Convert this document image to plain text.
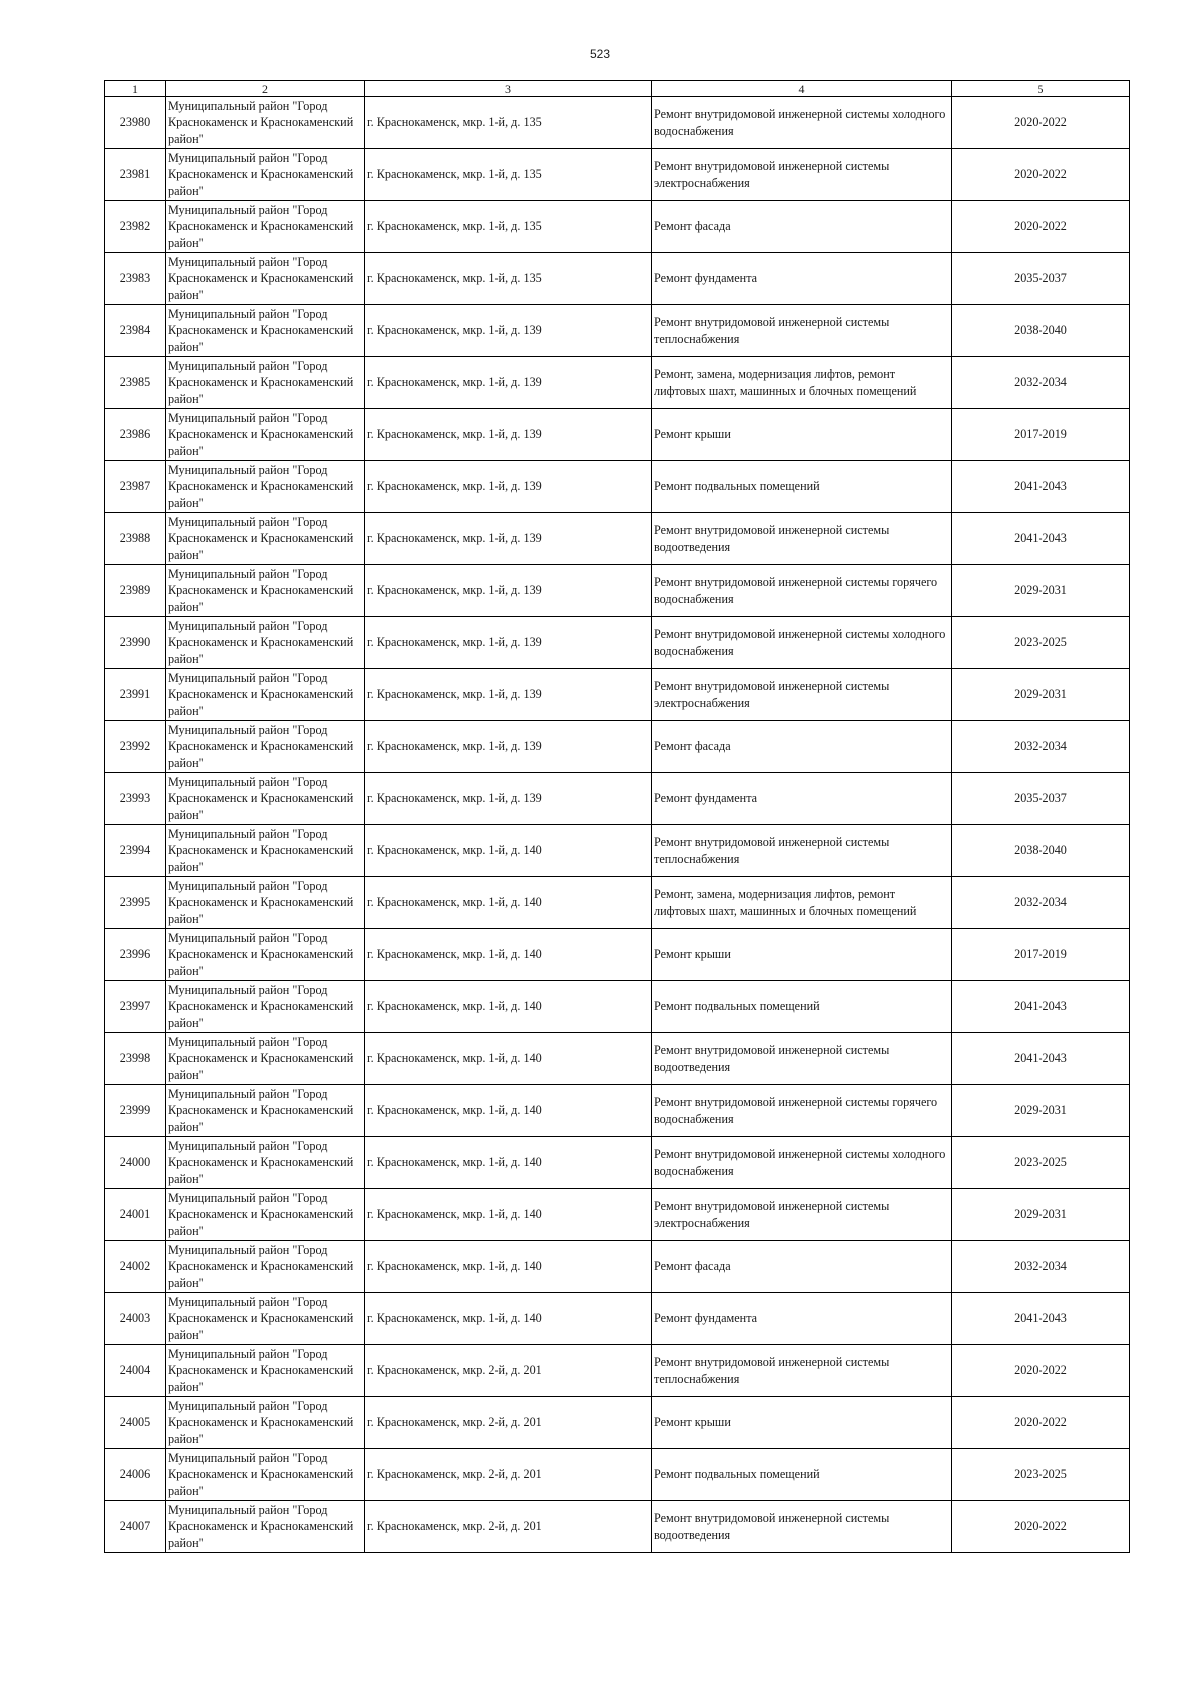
523
1	2	3	4	5
23980	Муниципальный район "Город Краснокаменск и Краснокаменский район"	г. Краснокаменск, мкр. 1-й, д. 135	Ремонт внутридомовой инженерной системы холодного водоснабжения	2020-2022
23981	Муниципальный район "Город Краснокаменск и Краснокаменский район"	г. Краснокаменск, мкр. 1-й, д. 135	Ремонт внутридомовой инженерной системы электроснабжения	2020-2022
23982	Муниципальный район "Город Краснокаменск и Краснокаменский район"	г. Краснокаменск, мкр. 1-й, д. 135	Ремонт фасада	2020-2022
23983	Муниципальный район "Город Краснокаменск и Краснокаменский район"	г. Краснокаменск, мкр. 1-й, д. 135	Ремонт фундамента	2035-2037
23984	Муниципальный район "Город Краснокаменск и Краснокаменский район"	г. Краснокаменск, мкр. 1-й, д. 139	Ремонт внутридомовой инженерной системы теплоснабжения	2038-2040
23985	Муниципальный район "Город Краснокаменск и Краснокаменский район"	г. Краснокаменск, мкр. 1-й, д. 139	Ремонт, замена, модернизация лифтов, ремонт лифтовых шахт, машинных и блочных помещений	2032-2034
23986	Муниципальный район "Город Краснокаменск и Краснокаменский район"	г. Краснокаменск, мкр. 1-й, д. 139	Ремонт крыши	2017-2019
23987	Муниципальный район "Город Краснокаменск и Краснокаменский район"	г. Краснокаменск, мкр. 1-й, д. 139	Ремонт подвальных помещений	2041-2043
23988	Муниципальный район "Город Краснокаменск и Краснокаменский район"	г. Краснокаменск, мкр. 1-й, д. 139	Ремонт внутридомовой инженерной системы водоотведения	2041-2043
23989	Муниципальный район "Город Краснокаменск и Краснокаменский район"	г. Краснокаменск, мкр. 1-й, д. 139	Ремонт внутридомовой инженерной системы горячего водоснабжения	2029-2031
23990	Муниципальный район "Город Краснокаменск и Краснокаменский район"	г. Краснокаменск, мкр. 1-й, д. 139	Ремонт внутридомовой инженерной системы холодного водоснабжения	2023-2025
23991	Муниципальный район "Город Краснокаменск и Краснокаменский район"	г. Краснокаменск, мкр. 1-й, д. 139	Ремонт внутридомовой инженерной системы электроснабжения	2029-2031
23992	Муниципальный район "Город Краснокаменск и Краснокаменский район"	г. Краснокаменск, мкр. 1-й, д. 139	Ремонт фасада	2032-2034
23993	Муниципальный район "Город Краснокаменск и Краснокаменский район"	г. Краснокаменск, мкр. 1-й, д. 139	Ремонт фундамента	2035-2037
23994	Муниципальный район "Город Краснокаменск и Краснокаменский район"	г. Краснокаменск, мкр. 1-й, д. 140	Ремонт внутридомовой инженерной системы теплоснабжения	2038-2040
23995	Муниципальный район "Город Краснокаменск и Краснокаменский район"	г. Краснокаменск, мкр. 1-й, д. 140	Ремонт, замена, модернизация лифтов, ремонт лифтовых шахт, машинных и блочных помещений	2032-2034
23996	Муниципальный район "Город Краснокаменск и Краснокаменский район"	г. Краснокаменск, мкр. 1-й, д. 140	Ремонт крыши	2017-2019
23997	Муниципальный район "Город Краснокаменск и Краснокаменский район"	г. Краснокаменск, мкр. 1-й, д. 140	Ремонт подвальных помещений	2041-2043
23998	Муниципальный район "Город Краснокаменск и Краснокаменский район"	г. Краснокаменск, мкр. 1-й, д. 140	Ремонт внутридомовой инженерной системы водоотведения	2041-2043
23999	Муниципальный район "Город Краснокаменск и Краснокаменский район"	г. Краснокаменск, мкр. 1-й, д. 140	Ремонт внутридомовой инженерной системы горячего водоснабжения	2029-2031
24000	Муниципальный район "Город Краснокаменск и Краснокаменский район"	г. Краснокаменск, мкр. 1-й, д. 140	Ремонт внутридомовой инженерной системы холодного водоснабжения	2023-2025
24001	Муниципальный район "Город Краснокаменск и Краснокаменский район"	г. Краснокаменск, мкр. 1-й, д. 140	Ремонт внутридомовой инженерной системы электроснабжения	2029-2031
24002	Муниципальный район "Город Краснокаменск и Краснокаменский район"	г. Краснокаменск, мкр. 1-й, д. 140	Ремонт фасада	2032-2034
24003	Муниципальный район "Город Краснокаменск и Краснокаменский район"	г. Краснокаменск, мкр. 1-й, д. 140	Ремонт фундамента	2041-2043
24004	Муниципальный район "Город Краснокаменск и Краснокаменский район"	г. Краснокаменск, мкр. 2-й, д. 201	Ремонт внутридомовой инженерной системы теплоснабжения	2020-2022
24005	Муниципальный район "Город Краснокаменск и Краснокаменский район"	г. Краснокаменск, мкр. 2-й, д. 201	Ремонт крыши	2020-2022
24006	Муниципальный район "Город Краснокаменск и Краснокаменский район"	г. Краснокаменск, мкр. 2-й, д. 201	Ремонт подвальных помещений	2023-2025
24007	Муниципальный район "Город Краснокаменск и Краснокаменский район"	г. Краснокаменск, мкр. 2-й, д. 201	Ремонт внутридомовой инженерной системы водоотведения	2020-2022
